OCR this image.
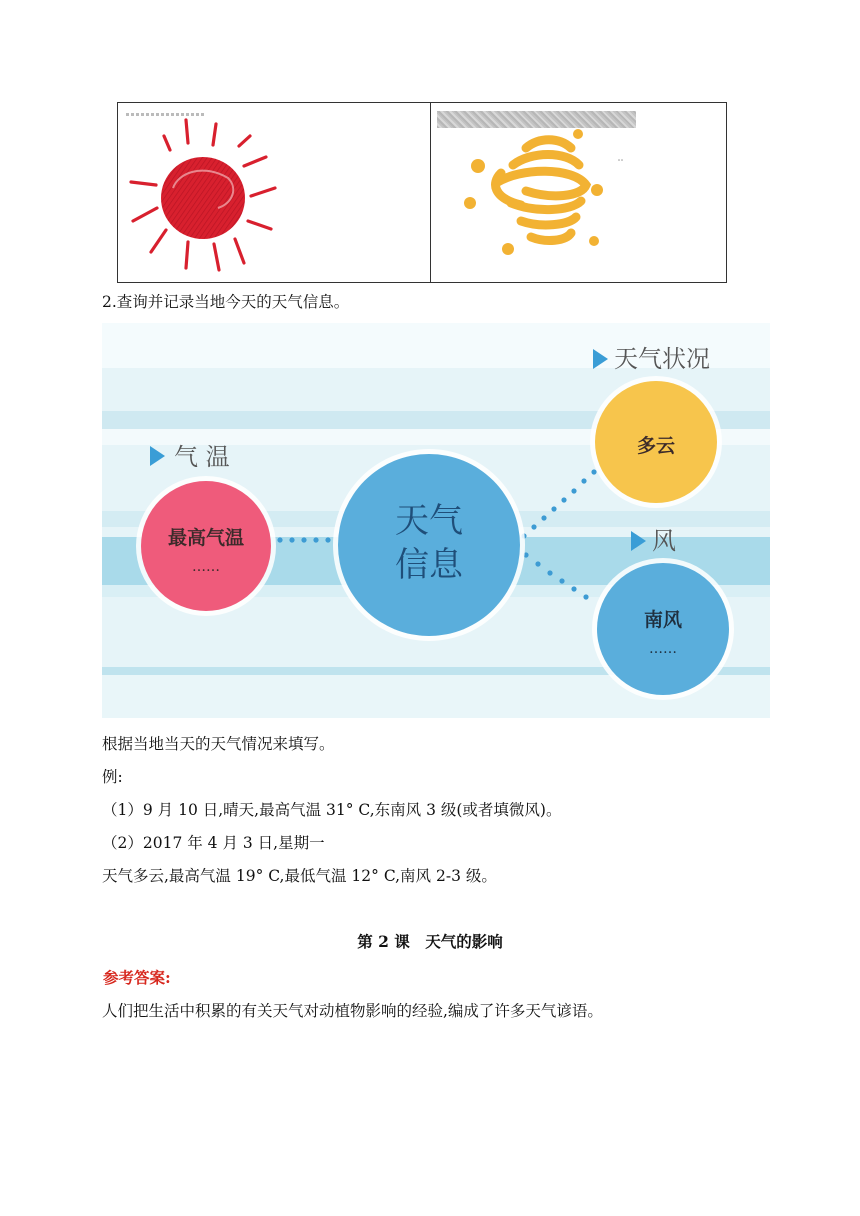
2.查询并记录当地今天的天气信息。
气 温
天气状况
风
最高气温
……
天气
信息
多云
南风
……
根据当地当天的天气情况来填写。
例:
（1）9 月 10 日,晴天,最高气温 31° C,东南风 3 级(或者填微风)。
（2）2017 年 4 月 3 日,星期一
天气多云,最高气温 19° C,最低气温 12° C,南风 2-3 级。
第 2 课　天气的影响
参考答案:
人们把生活中积累的有关天气对动植物影响的经验,编成了许多天气谚语。
